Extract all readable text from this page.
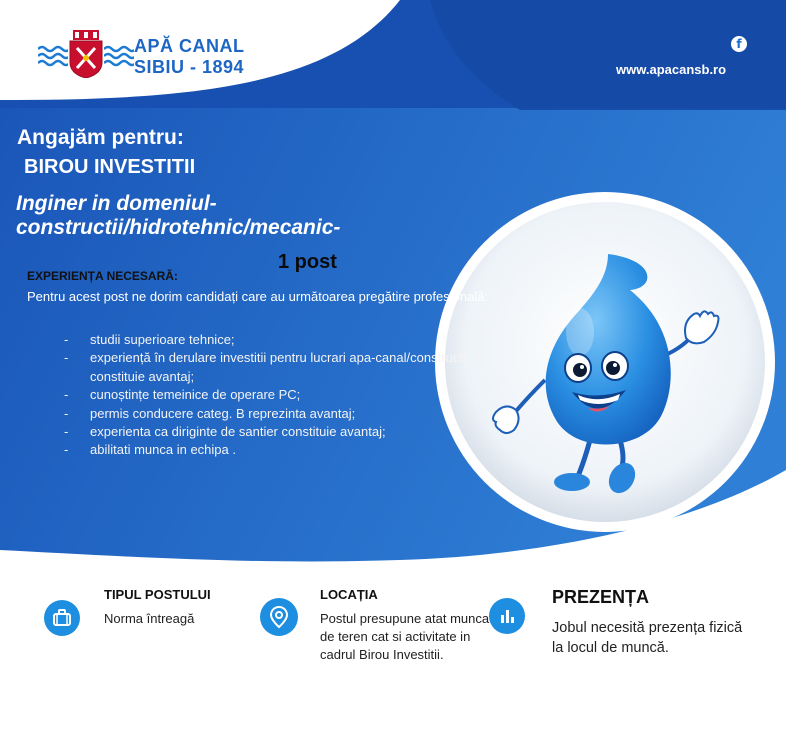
APĂ CANAL
SIBIU - 1894
f
www.apacansb.ro
Angajăm pentru:
BIROU INVESTITII
Inginer in domeniul-constructii/hidrotehnic/mecanic-
1 post
EXPERIENȚA NECESARĂ:
Pentru acest post ne dorim candidați care au următoarea pregătire profesională:
- studii superioare tehnice;
- experiență în derulare investitii pentru lucrari apa-canal/constructii constituie avantaj;
- cunoștințe temeinice de operare PC;
- permis conducere categ. B reprezinta avantaj;
- experienta ca diriginte de santier constituie avantaj;
- abilitati munca in echipa .
TIPUL POSTULUI
Norma întreagă
LOCAȚIA
Postul presupune atat munca de teren cat si activitate in cadrul Birou Investitii.
PREZENȚA
Jobul necesită prezența fizică la locul de muncă.
